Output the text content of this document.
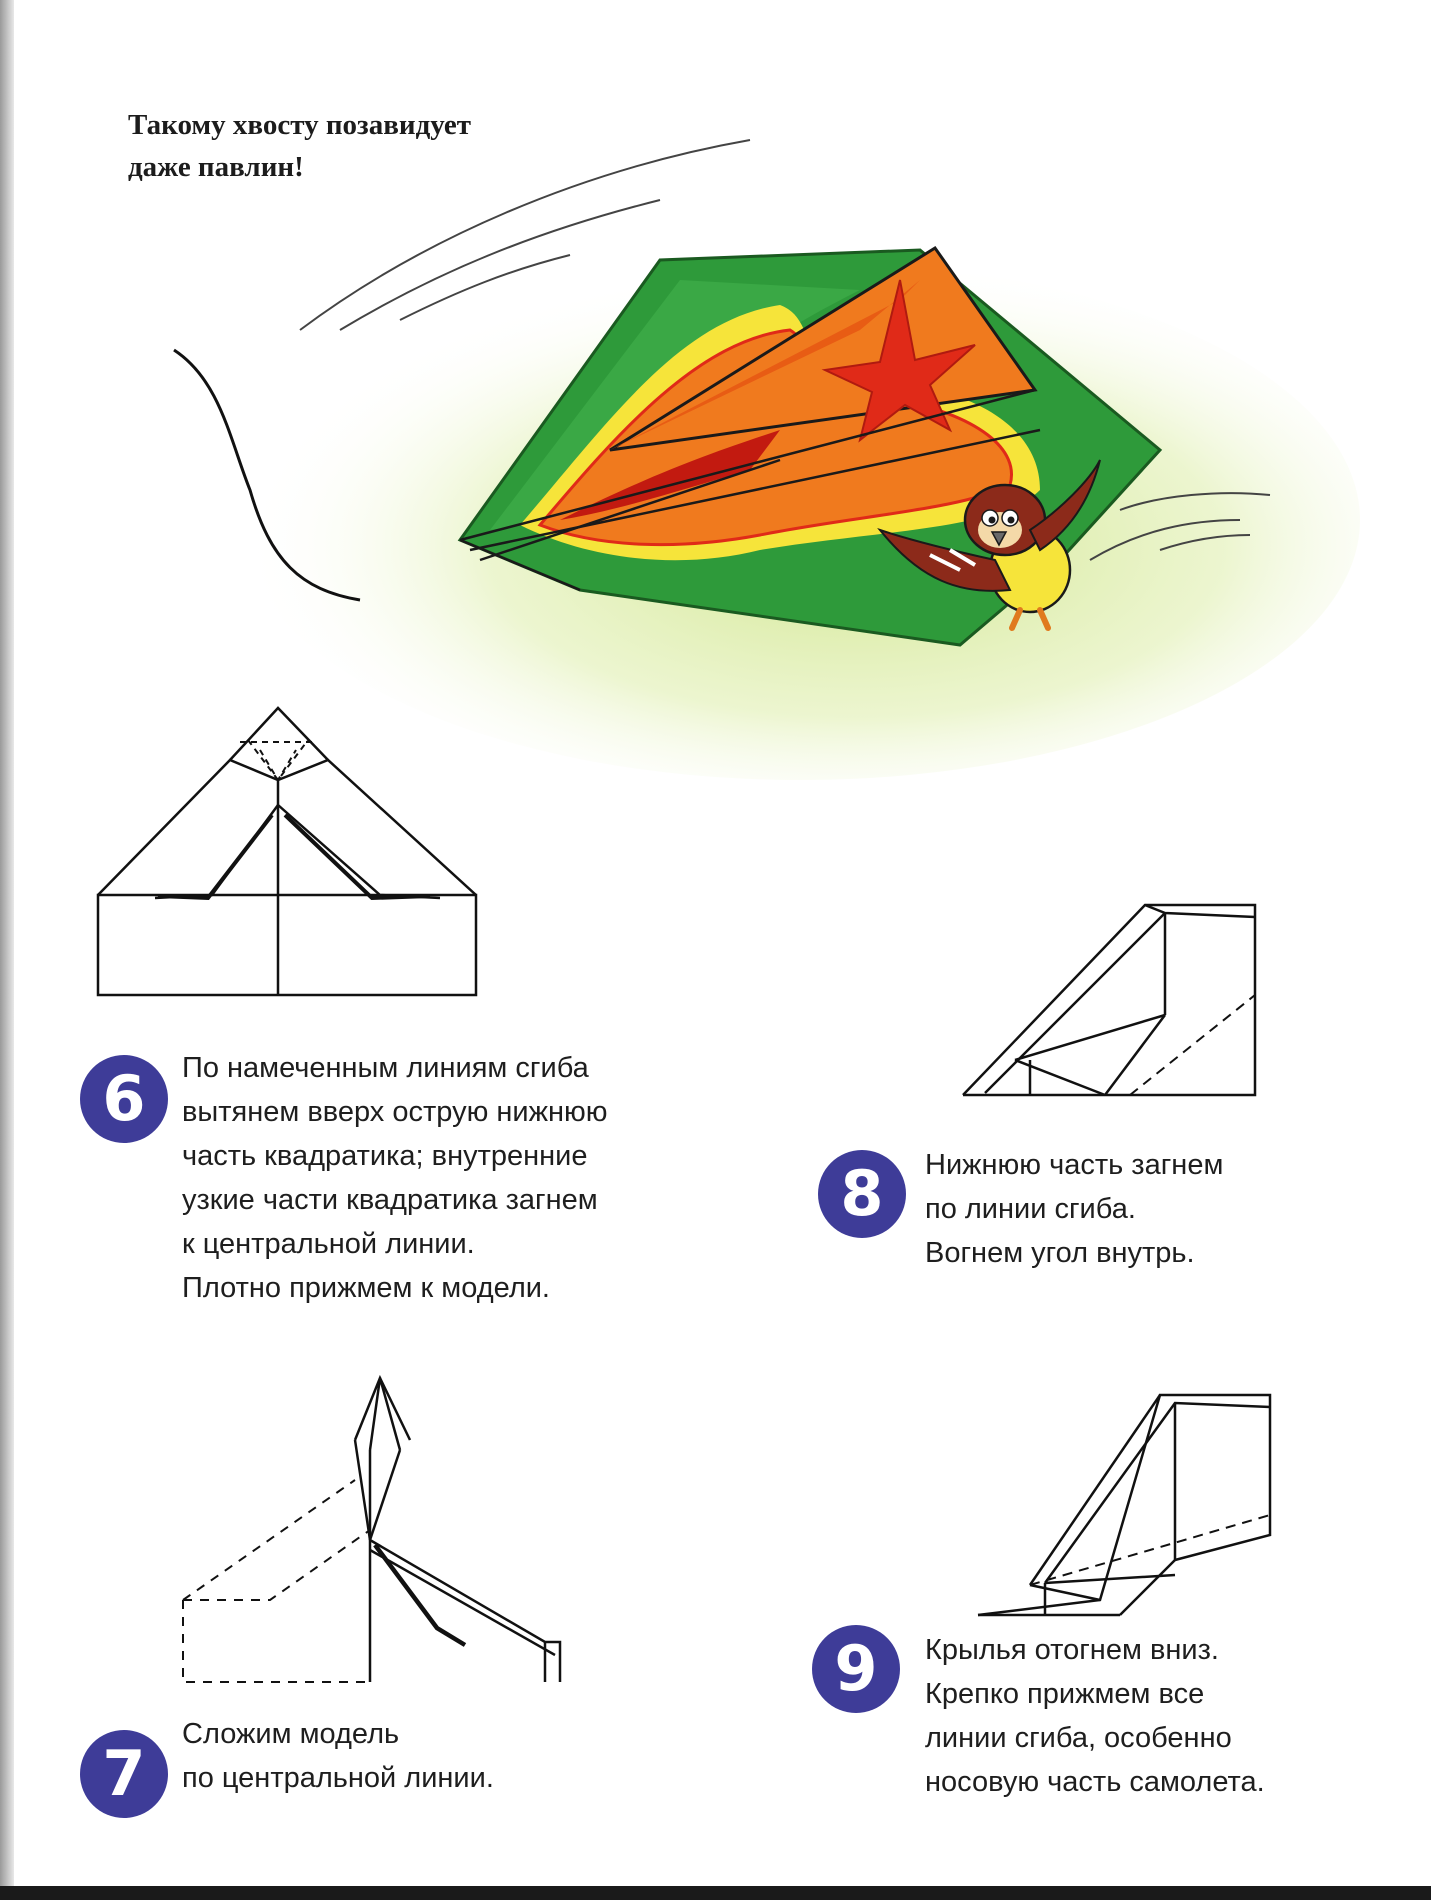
Такому хвосту позавидует
даже павлин!

6	По намеченным линиям сгиба
вытянем вверх острую нижнюю
часть квадратика; внутренние
узкие части квадратика загнем
к центральной линии.
Плотно прижмем к модели.

7

Сложим модель
по центральной линии.

8	Нижнюю часть загнем
по линии сгиба.
Вогнем угол внутрь.

9	Крылья отогнем вниз.
Крепко прижмем все
линии сгиба, особенно
носовую часть самолета.
